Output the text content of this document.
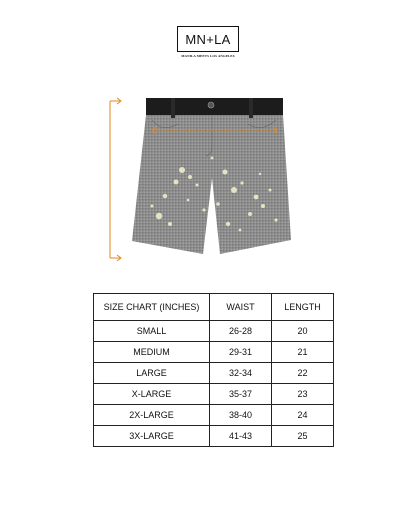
MN+LA
MANILA MEETS LOS ANGELES
SIZE CHART (INCHES)	WAIST	LENGTH
SMALL	26-28	20
MEDIUM	29-31	21
LARGE	32-34	22
X-LARGE	35-37	23
2X-LARGE	38-40	24
3X-LARGE	41-43	25
